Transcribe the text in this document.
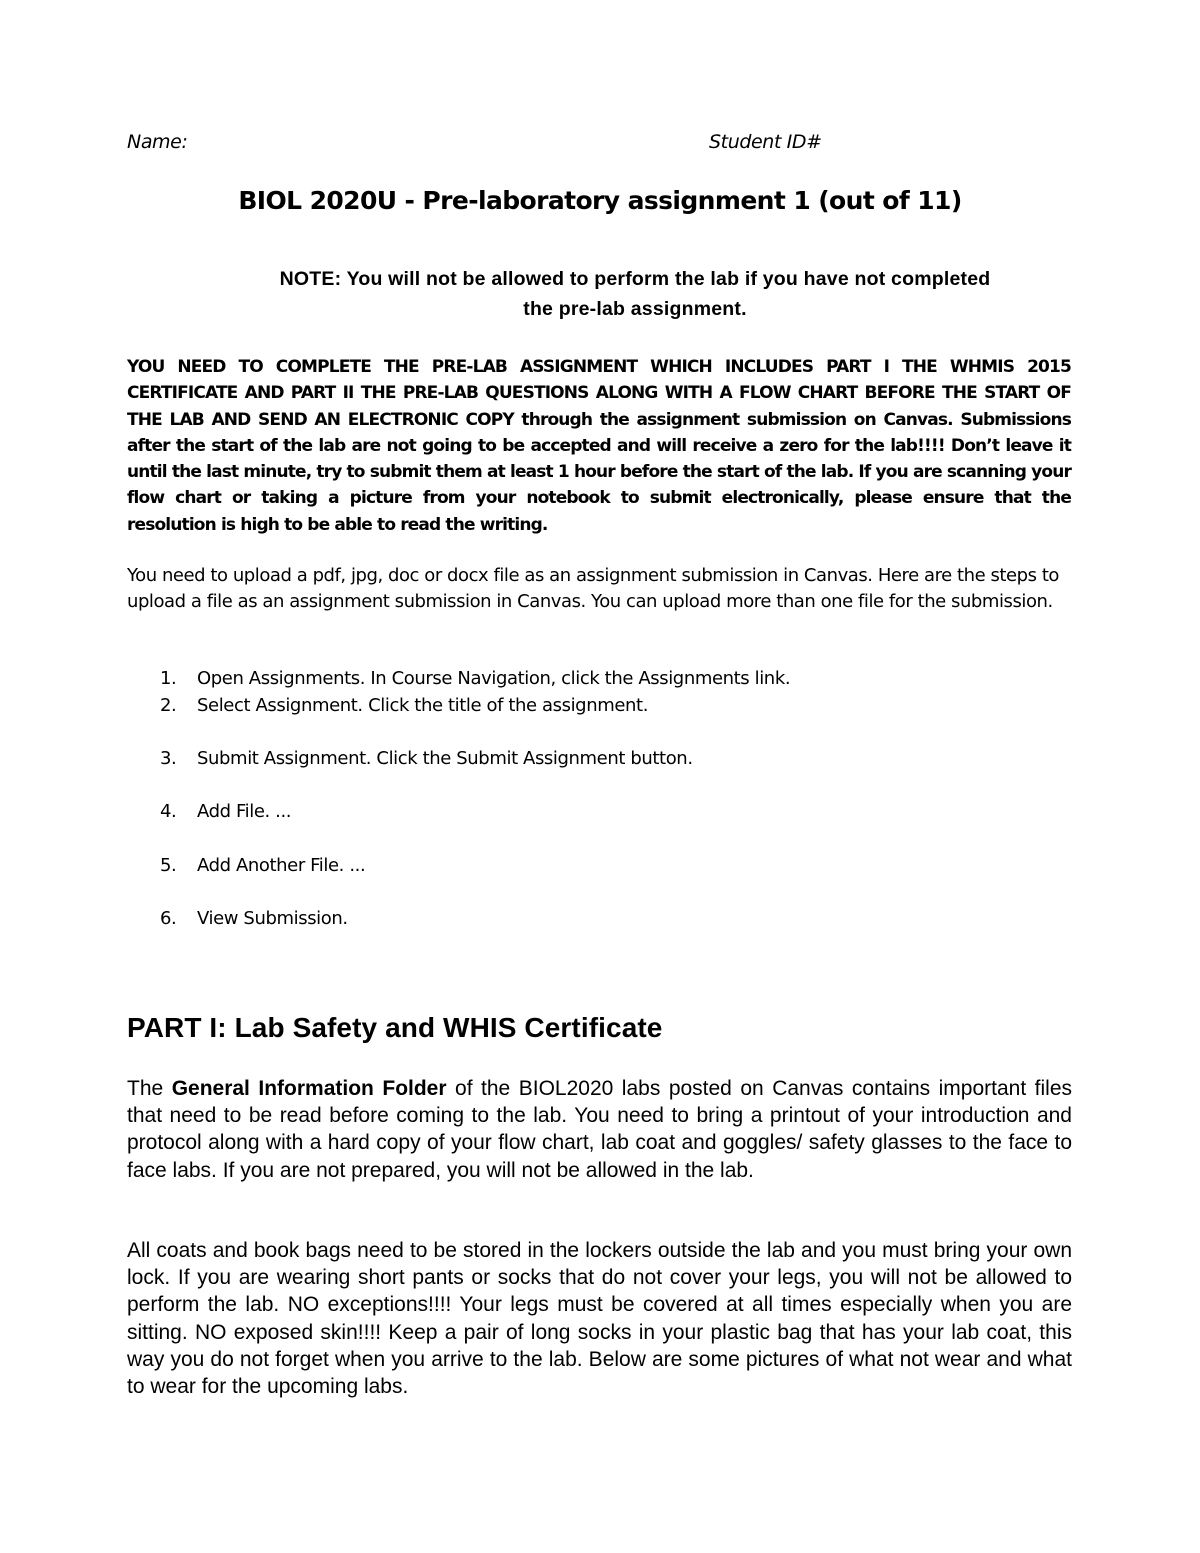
Name:	Student ID#
BIOL 2020U - Pre-laboratory assignment 1 (out of 11)
NOTE: You will not be allowed to perform the lab if you have not completed
the pre-lab assignment.
YOU NEED TO COMPLETE THE PRE-LAB ASSIGNMENT WHICH INCLUDES PART I THE WHMIS 2015 CERTIFICATE AND PART II THE PRE-LAB QUESTIONS ALONG WITH A FLOW CHART BEFORE THE START OF THE LAB AND SEND AN ELECTRONIC COPY through the assignment submission on Canvas. Submissions after the start of the lab are not going to be accepted and will receive a zero for the lab!!!! Don’t leave it until the last minute, try to submit them at least 1 hour before the start of the lab. If you are scanning your flow chart or taking a picture from your notebook to submit electronically, please ensure that the resolution is high to be able to read the writing.
You need to upload a pdf, jpg, doc or docx file as an assignment submission in Canvas. Here are the steps to upload a file as an assignment submission in Canvas. You can upload more than one file for the submission.
1. Open Assignments. In Course Navigation, click the Assignments link.
2. Select Assignment. Click the title of the assignment.
3. Submit Assignment. Click the Submit Assignment button.
4. Add File. ...
5. Add Another File. ...
6. View Submission.
PART I: Lab Safety and WHIS Certificate
The General Information Folder of the BIOL2020 labs posted on Canvas contains important files that need to be read before coming to the lab. You need to bring a printout of your introduction and protocol along with a hard copy of your flow chart, lab coat and goggles/ safety glasses to the face to face labs. If you are not prepared, you will not be allowed in the lab.
All coats and book bags need to be stored in the lockers outside the lab and you must bring your own lock. If you are wearing short pants or socks that do not cover your legs, you will not be allowed to perform the lab. NO exceptions!!!! Your legs must be covered at all times especially when you are sitting. NO exposed skin!!!! Keep a pair of long socks in your plastic bag that has your lab coat, this way you do not forget when you arrive to the lab. Below are some pictures of what not wear and what to wear for the upcoming labs.
